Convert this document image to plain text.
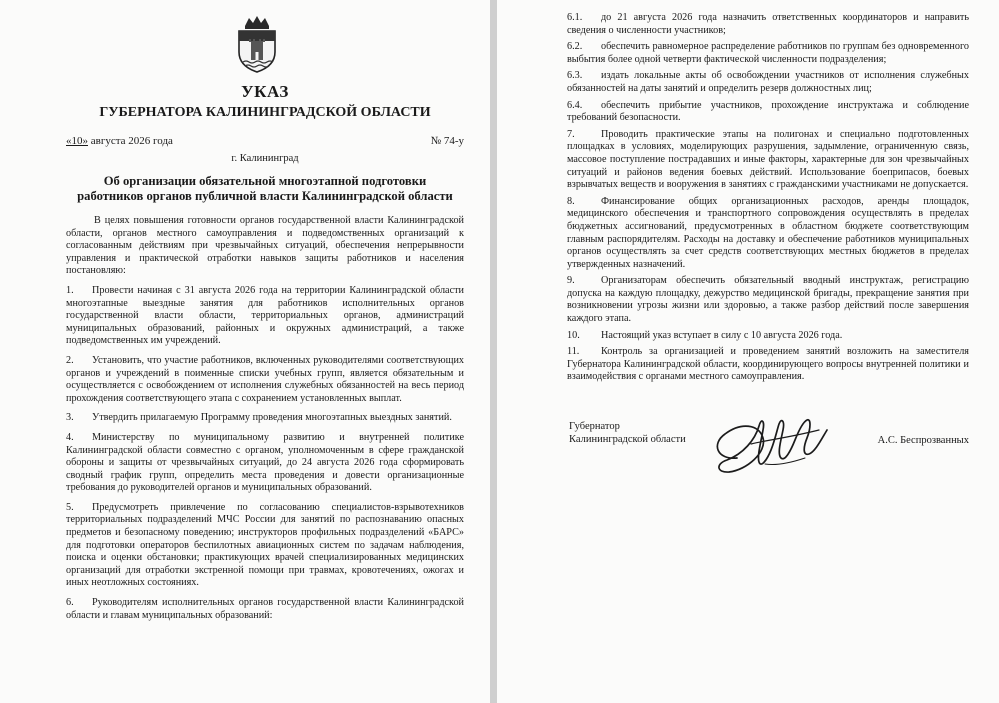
УКАЗ
ГУБЕРНАТОРА КАЛИНИНГРАДСКОЙ ОБЛАСТИ
«10» августа 2026 года	№ 74-у
г. Калининград
Об организации обязательной многоэтапной подготовки работников органов публичной власти Калининградской области

В целях повышения готовности органов государственной власти Калининградской области, органов местного самоуправления и подведомственных организаций к согласованным действиям при чрезвычайных ситуаций, обеспечения непрерывности управления и практической отработки навыков защиты работников и населения постановляю:

1. Провести начиная с 31 августа 2026 года на территории Калининградской области многоэтапные выездные занятия для работников исполнительных органов государственной власти области, территориальных органов, администраций муниципальных образований, районных и окружных администраций, а также подведомственных им учреждений.

2. Установить, что участие работников, включенных руководителями соответствующих органов и учреждений в поименные списки учебных групп, является обязательным и осуществляется с освобождением от исполнения служебных обязанностей на весь период прохождения соответствующего этапа с сохранением установленных выплат.

3. Утвердить прилагаемую Программу проведения многоэтапных выездных занятий.

4. Министерству по муниципальному развитию и внутренней политике Калининградской области совместно с органом, уполномоченным в сфере гражданской обороны и защиты от чрезвычайных ситуаций, до 24 августа 2026 года сформировать сводный график групп, определить места проведения и довести организационные требования до руководителей органов и муниципальных образований.

5. Предусмотреть привлечение по согласованию специалистов-взрывотехников территориальных подразделений МЧС России для занятий по распознаванию опасных предметов и безопасному поведению; инструкторов профильных подразделений «БАРС» для подготовки операторов беспилотных авиационных систем по задачам наблюдения, поиска и оценки обстановки; практикующих врачей специализированных медицинских организаций для отработки экстренной помощи при травмах, кровотечениях, ожогах и иных неотложных состояниях.

6. Руководителям исполнительных органов государственной власти Калининградской области и главам муниципальных образований:

6.1. до 21 августа 2026 года назначить ответственных координаторов и направить сведения о численности участников;

6.2. обеспечить равномерное распределение работников по группам без одновременного выбытия более одной четверти фактической численности подразделения;

6.3. издать локальные акты об освобождении участников от исполнения служебных обязанностей на даты занятий и определить резерв должностных лиц;

6.4. обеспечить прибытие участников, прохождение инструктажа и соблюдение требований безопасности.

7.	Проводить практические этапы на полигонах и специально подготовленных площадках в условиях, моделирующих разрушения, задымление, ограниченную связь, массовое поступление пострадавших и иные факторы, характерные для зон чрезвычайных ситуаций и районов ведения боевых действий. Использование боеприпасов, боевых взрывчатых веществ и вооружения в занятиях с гражданскими участниками не допускается.

8.	Финансирование общих организационных расходов, аренды площадок, медицинского обеспечения и транспортного сопровождения осуществлять в пределах бюджетных ассигнований, предусмотренных в областном бюджете соответствующим главным распорядителям. Расходы на доставку и обеспечение работников муниципальных органов осуществлять за счет средств соответствующих местных бюджетов в пределах утвержденных назначений.

9.	Организаторам обеспечить обязательный вводный инструктаж, регистрацию допуска на каждую площадку, дежурство медицинской бригады, прекращение занятия при возникновении угрозы жизни или здоровью, а также разбор действий после завершения каждого этапа.

10. Настоящий указ вступает в силу с 10 августа 2026 года.

11. Контроль за организацией и проведением занятий возложить на заместителя Губернатора Калининградской области, координирующего вопросы внутренней политики и взаимодействия с органами местного самоуправления.

Губернатор
Калининградской области	А.С. Беспрозванных
